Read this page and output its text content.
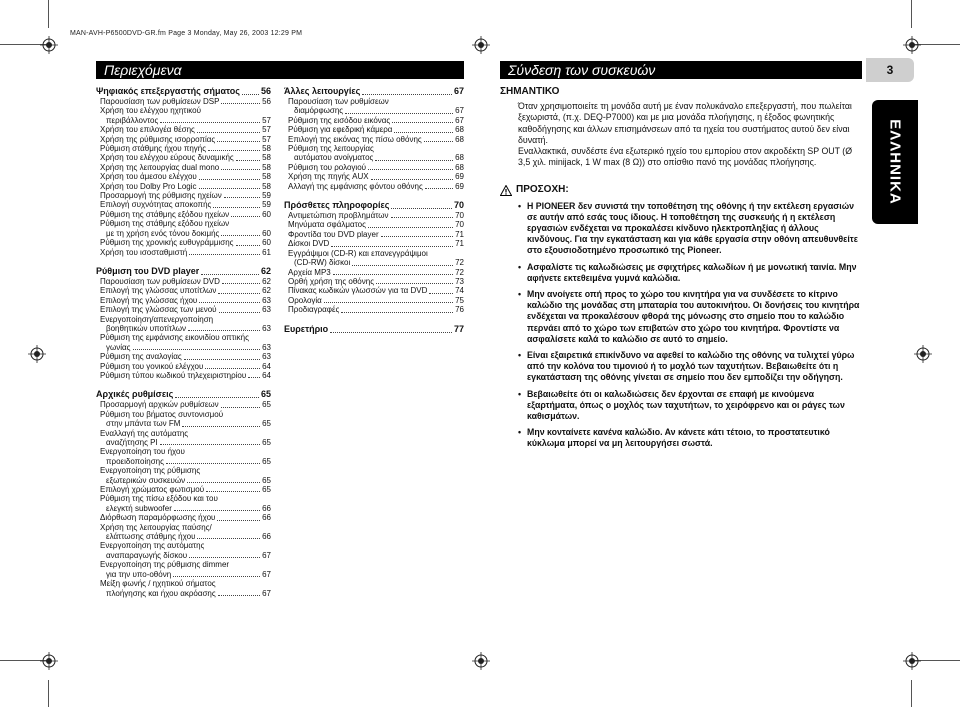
MAN-AVH-P6500DVD-GR.fm Page 3 Monday, May 26, 2003 12:29 PM
Περιεχόμενα	Σύνδεση των συσκευών	3
ΕΛΛΗΝΙΚΑ
Ψηφιακός επεξεργαστής σήματος 56
Παρουσίαση των ρυθμίσεων DSP	56
Χρήση του ελέγχου ηχητικού
περιβάλλοντος	57
Χρήση του επιλογέα θέσης	57
Χρήση της ρύθμισης ισορροπίας	57
Ρύθμιση στάθμης ήχου πηγής	58
Χρήση του ελέγχου εύρους δυναμικής	58
Χρήση της λειτουργίας dual mono	58
Χρήση του άμεσου ελέγχου	58
Χρήση του Dolby Pro Logic	58
Προσαρμογή της ρύθμισης ηχείων	59
Επιλογή συχνότητας αποκοπής	59
Ρύθμιση της στάθμης εξόδου ηχείων	60
Ρύθμιση της στάθμης εξόδου ηχείων
με τη χρήση ενός τόνου δοκιμής	60
Ρύθμιση της χρονικής ευθυγράμμισης	60
Χρήση του ισοσταθμιστή	61
Ρύθμιση του DVD player	62
Παρουσίαση των ρυθμίσεων DVD	62
Επιλογή της γλώσσας υποτίτλων	62
Επιλογή της γλώσσας ήχου	63
Επιλογή της γλώσσας των μενού	63
Ενεργοποίηση/απενεργοποίηση
βοηθητικών υποτίτλων	63
Ρύθμιση της εμφάνισης εικονιδίου οπτικής
γωνίας	63
Ρύθμιση της αναλογίας	63
Ρύθμιση του γονικού ελέγχου	64
Ρύθμιση τύπου κωδικού τηλεχειριστηρίου 64
Αρχικές ρυθμίσεις	65
Προσαρμογή αρχικών ρυθμίσεων	65
Ρύθμιση του βήματος συντονισμού
στην μπάντα των FM	65
Εναλλαγή της αυτόματης
αναζήτησης PI	65
Ενεργοποίηση του ήχου
προειδοποίησης	65
Ενεργοποίηση της ρύθμισης
εξωτερικών συσκευών	65
Επιλογή χρώματος φωτισμού	65
Ρύθμιση της πίσω εξόδου και του
ελεγκτή subwoofer	66
Διόρθωση παραμόρφωσης ήχου	66
Χρήση της λειτουργίας παύσης/
ελάττωσης στάθμης ήχου	66
Ενεργοποίηση της αυτόματης
αναπαραγωγής δίσκου	67
Ενεργοποίηση της ρύθμισης dimmer
για την υπο-οθόνη	67
Μείξη φωνής / ηχητικού σήματος
πλοήγησης και ήχου ακρόασης	67
Άλλες λειτουργίες	67
Παρουσίαση των ρυθμίσεων
διαμόρφωσης	67
Ρύθμιση της εισόδου εικόνας	67
Ρύθμιση για εφεδρική κάμερα	68
Επιλογή της εικόνας της πίσω οθόνης	68
Ρύθμιση της λειτουργίας
αυτόματου ανοίγματος	68
Ρύθμιση του ρολογιού	68
Χρήση της πηγής AUX	69
Αλλαγή της εμφάνισης φόντου οθόνης	69
Πρόσθετες πληροφορίες	70
Αντιμετώπιση προβλημάτων	70
Μηνύματα σφάλματος	70
Φροντίδα του DVD player	71
Δίσκοι DVD	71
Εγγράψιμοι (CD-R) και επανεγγράψιμοι
(CD-RW) δίσκοι	72
Αρχεία MP3	72
Ορθή χρήση της οθόνης	73
Πίνακας κωδικών γλωσσών για τα DVD	74
Ορολογία	75
Προδιαγραφές	76
Ευρετήριο	77
ΣΗΜΑΝΤΙΚΟ

Όταν χρησιμοποιείτε τη μονάδα αυτή με έναν πολυκάναλο επεξεργαστή, που πωλείται ξεχωριστά, (π.χ. DEQ-P7000) και με μια μονάδα πλοήγησης, η έξοδος φωνητικής καθοδήγησης και άλλων επισημάνσεων από τα ηχεία του συστήματος αυτού δεν είναι δυνατή.

Εναλλακτικά, συνδέστε ένα εξωτερικό ηχείο του εμπορίου στον ακροδέκτη SP OUT (Ø 3,5 χιλ. minijack, 1 W max (8 Ω)) στο οπίσθιο πανό της μονάδας πλοήγησης.

ΠΡΟΣΟΧΗ:
• Η PIONEER δεν συνιστά την τοποθέτηση της οθόνης ή την εκτέλεση εργασιών σε αυτήν από εσάς τους ίδιους. Η τοποθέτηση της συσκευής ή η εκτέλεση εργασιών ενδέχεται να προκαλέσει κίνδυνο ηλεκτροπληξίας ή άλλους κινδύνους. Για την εγκατάσταση και για κάθε εργασία στην οθόνη απευθυνθείτε στο εξουσιοδοτημένο προσωπικό της Pioneer.
• Ασφαλίστε τις καλωδιώσεις με σφιχτήρες καλωδίων ή με μονωτική ταινία. Μην αφήνετε εκτεθειμένα γυμνά καλώδια.
• Μην ανοίγετε οπή προς το χώρο του κινητήρα για να συνδέσετε το κίτρινο καλώδιο της μονάδας στη μπαταρία του αυτοκινήτου. Οι δονήσεις του κινητήρα ενδέχεται να προκαλέσουν φθορά της μόνωσης στο σημείο που το καλώδιο περνάει από το χώρο των επιβατών στο χώρο του κινητήρα. Φροντίστε να ασφαλίσετε καλά το καλώδιο σε αυτό το σημείο.
• Είναι εξαιρετικά επικίνδυνο να αφεθεί το καλώδιο της οθόνης να τυλιχτεί γύρω από την κολόνα του τιμονιού ή το μοχλό των ταχυτήτων. Βεβαιωθείτε ότι η εγκατάσταση της οθόνης γίνεται σε σημείο που δεν εμποδίζει την οδήγηση.
• Βεβαιωθείτε ότι οι καλωδιώσεις δεν έρχονται σε επαφή με κινούμενα εξαρτήματα, όπως ο μοχλός των ταχυτήτων, το χειρόφρενο και οι ράγες των καθισμάτων.
• Μην κονταίνετε κανένα καλώδιο. Αν κάνετε κάτι τέτοιο, το προστατευτικό κύκλωμα μπορεί να μη λειτουργήσει σωστά.
